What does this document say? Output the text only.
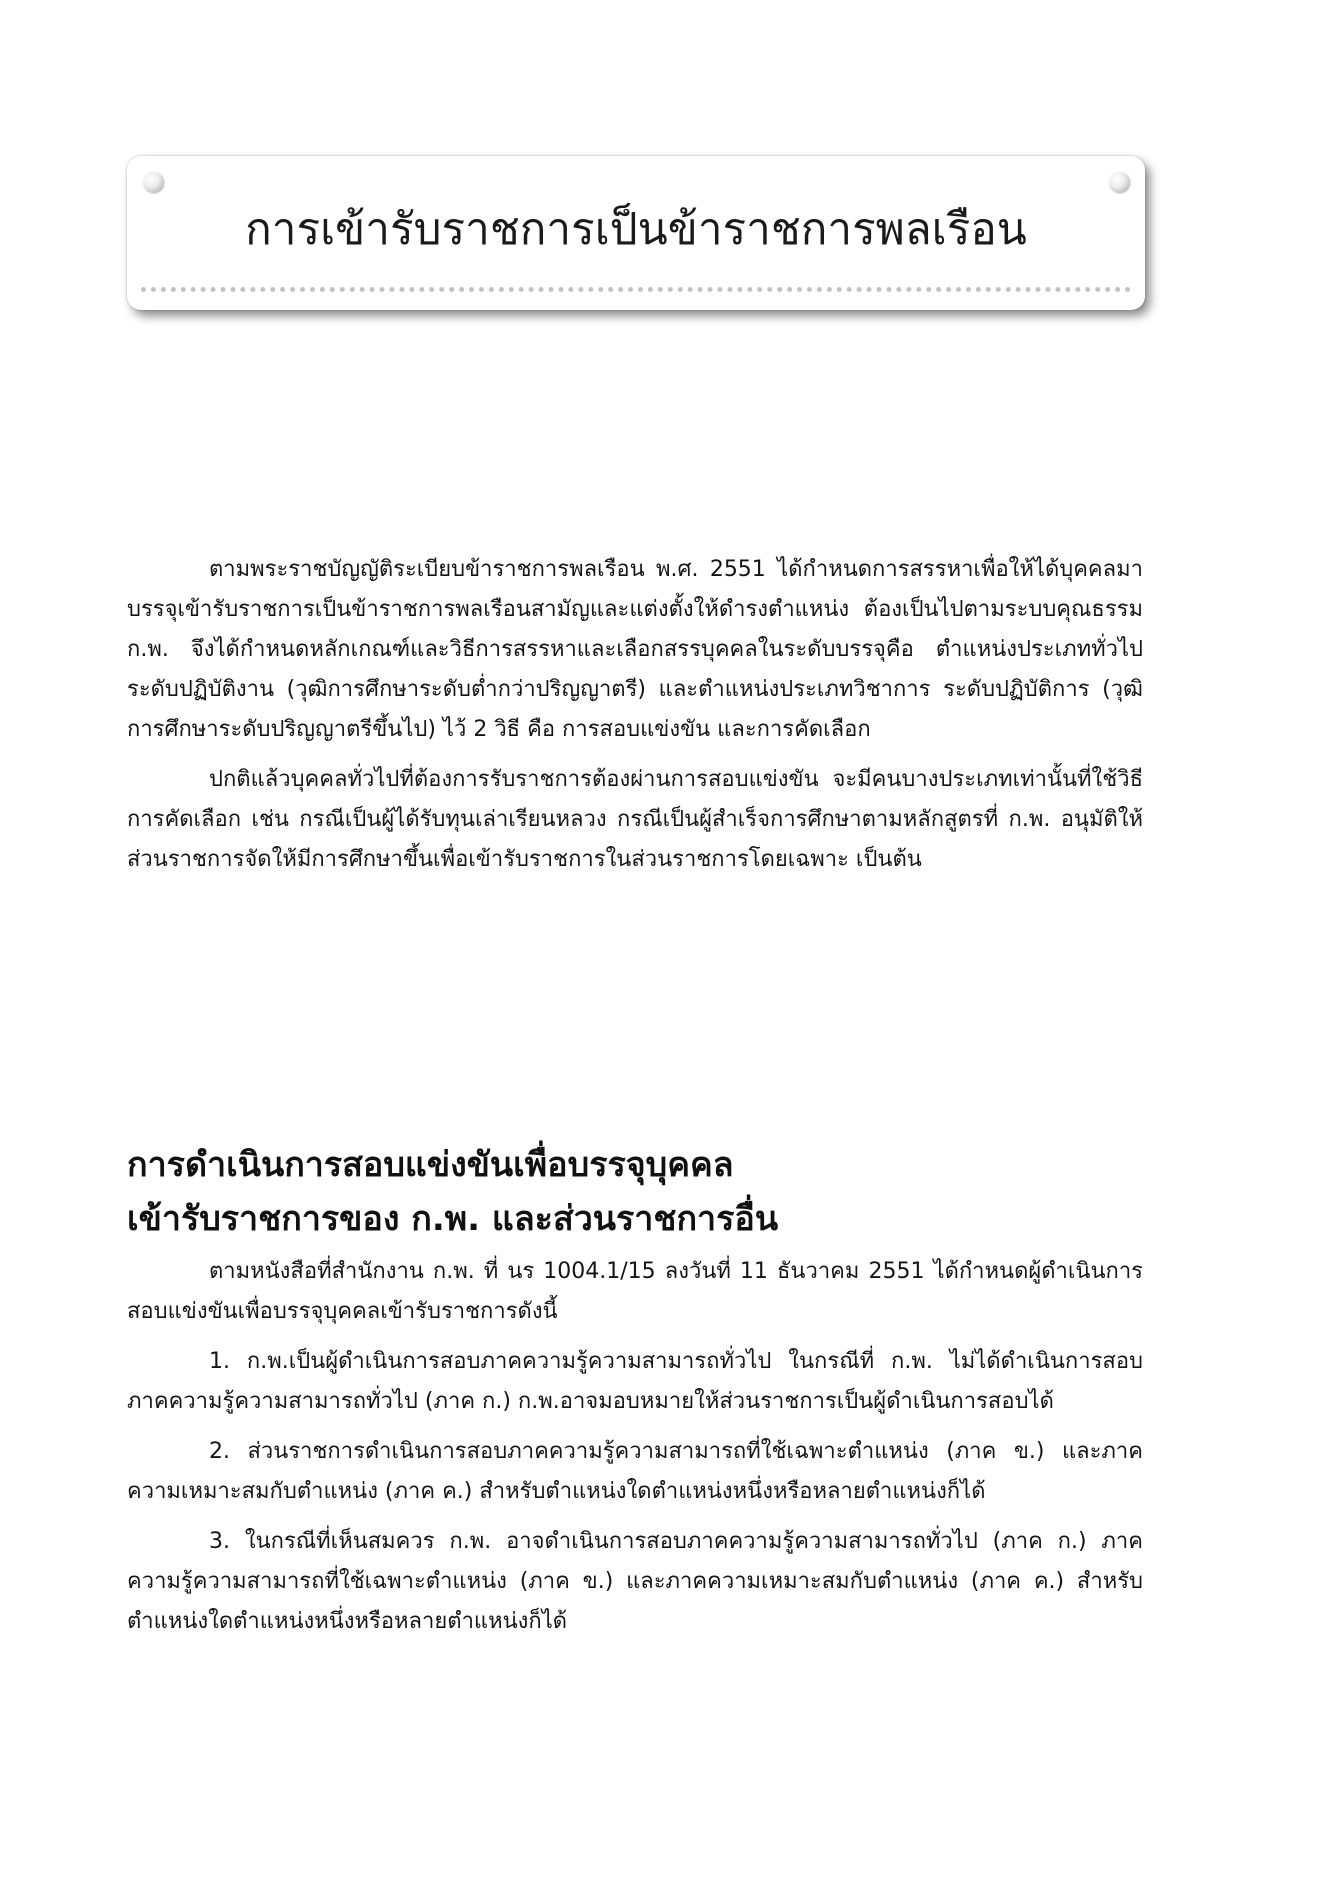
การเข้ารับราชการเป็นข้าราชการพลเรือน

ตามพระราชบัญญัติระเบียบข้าราชการพลเรือน พ.ศ. 2551 ได้กำหนดการสรรหาเพื่อให้ได้บุคคลมาบรรจุเข้ารับราชการเป็นข้าราชการพลเรือนสามัญและแต่งตั้งให้ดำรงตำแหน่ง ต้องเป็นไปตามระบบคุณธรรม ก.พ. จึงได้กำหนดหลักเกณฑ์และวิธีการสรรหาและเลือกสรรบุคคลในระดับบรรจุคือ ตำแหน่งประเภททั่วไป ระดับปฏิบัติงาน (วุฒิการศึกษาระดับต่ำกว่าปริญญาตรี) และตำแหน่งประเภทวิชาการ ระดับปฏิบัติการ (วุฒิการศึกษาระดับปริญญาตรีขึ้นไป) ไว้ 2 วิธี คือ การสอบแข่งขัน และการคัดเลือก

ปกติแล้วบุคคลทั่วไปที่ต้องการรับราชการต้องผ่านการสอบแข่งขัน จะมีคนบางประเภทเท่านั้นที่ใช้วิธีการคัดเลือก เช่น กรณีเป็นผู้ได้รับทุนเล่าเรียนหลวง กรณีเป็นผู้สำเร็จการศึกษาตามหลักสูตรที่ ก.พ. อนุมัติให้ส่วนราชการจัดให้มีการศึกษาขึ้นเพื่อเข้ารับราชการในส่วนราชการโดยเฉพาะ เป็นต้น

การดำเนินการสอบแข่งขันเพื่อบรรจุบุคคล
เข้ารับราชการของ ก.พ. และส่วนราชการอื่น

ตามหนังสือที่สำนักงาน ก.พ. ที่ นร 1004.1/15 ลงวันที่ 11 ธันวาคม 2551 ได้กำหนดผู้ดำเนินการสอบแข่งขันเพื่อบรรจุบุคคลเข้ารับราชการดังนี้

1. ก.พ.เป็นผู้ดำเนินการสอบภาคความรู้ความสามารถทั่วไป ในกรณีที่ ก.พ. ไม่ได้ดำเนินการสอบภาคความรู้ความสามารถทั่วไป (ภาค ก.) ก.พ.อาจมอบหมายให้ส่วนราชการเป็นผู้ดำเนินการสอบได้

2. ส่วนราชการดำเนินการสอบภาคความรู้ความสามารถที่ใช้เฉพาะตำแหน่ง (ภาค ข.) และภาคความเหมาะสมกับตำแหน่ง (ภาค ค.) สำหรับตำแหน่งใดตำแหน่งหนึ่งหรือหลายตำแหน่งก็ได้

3. ในกรณีที่เห็นสมควร ก.พ. อาจดำเนินการสอบภาคความรู้ความสามารถทั่วไป (ภาค ก.) ภาคความรู้ความสามารถที่ใช้เฉพาะตำแหน่ง (ภาค ข.) และภาคความเหมาะสมกับตำแหน่ง (ภาค ค.) สำหรับตำแหน่งใดตำแหน่งหนึ่งหรือหลายตำแหน่งก็ได้
